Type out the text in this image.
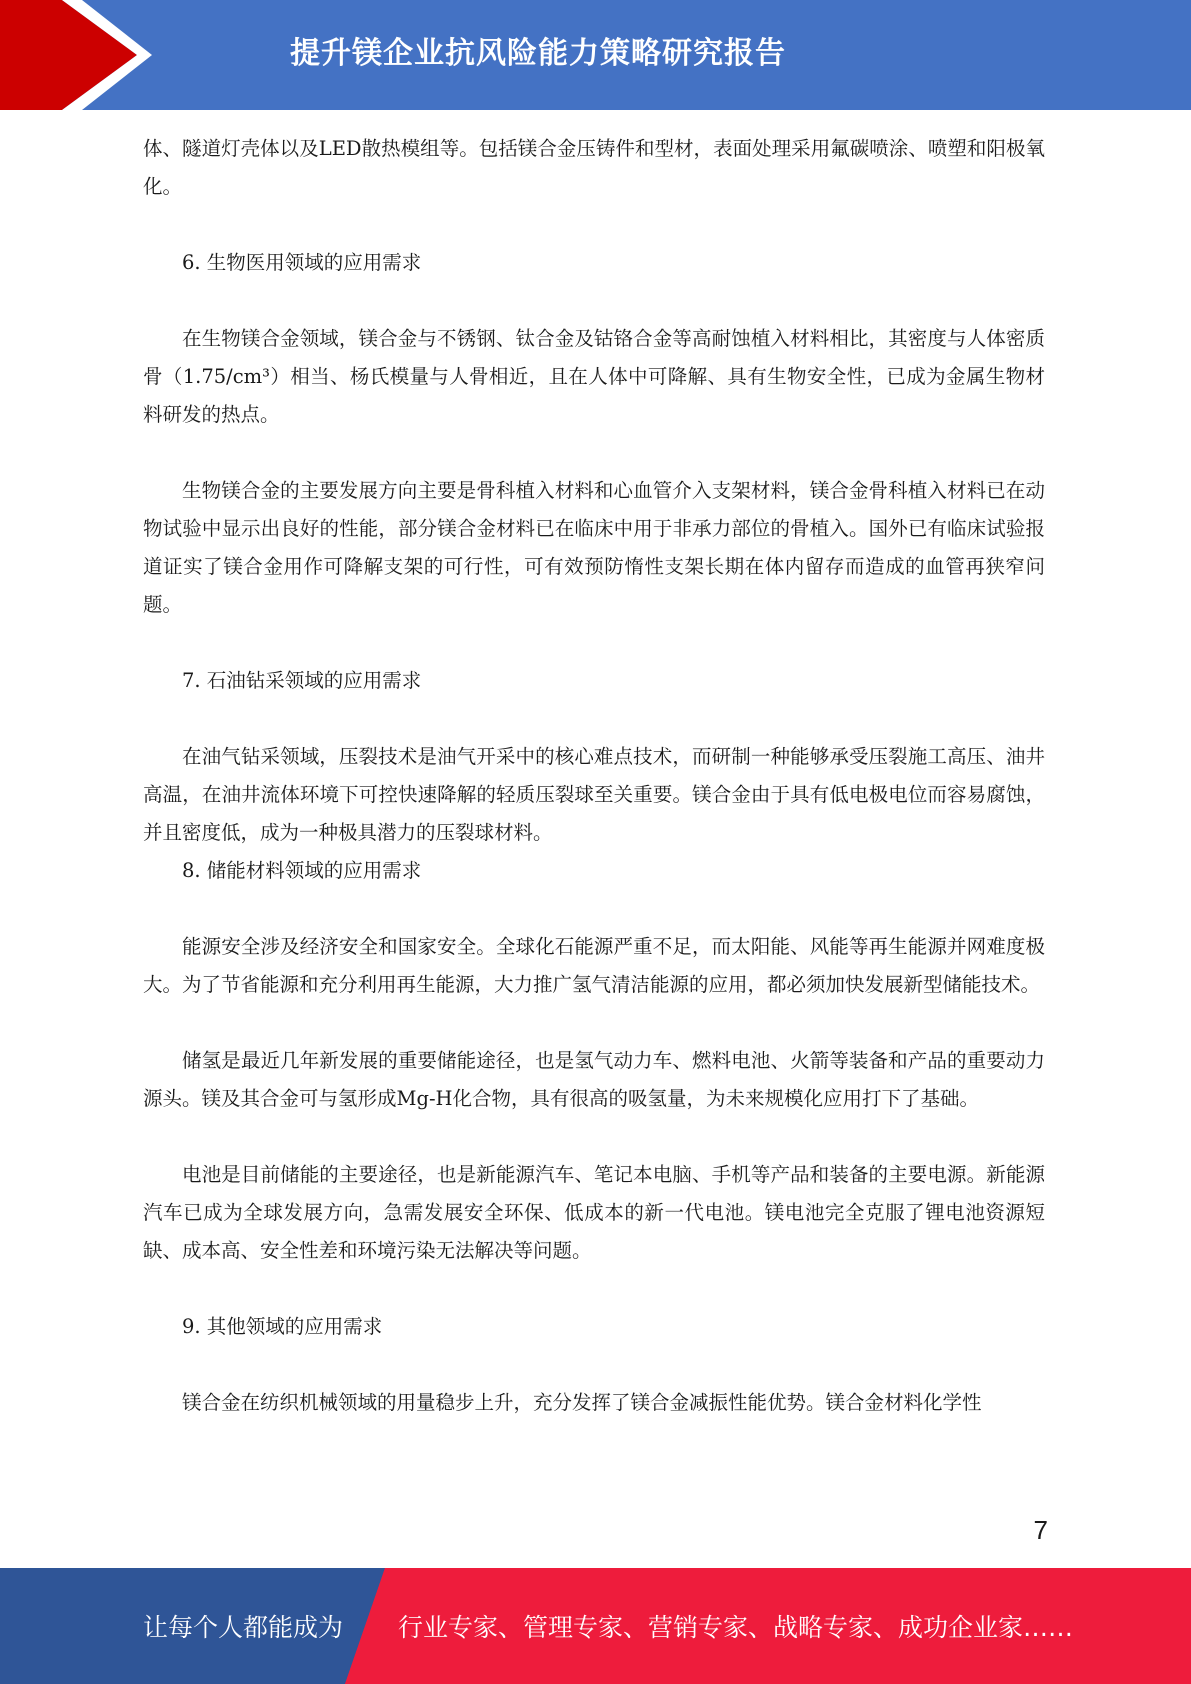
提升镁企业抗风险能力策略研究报告

体、隧道灯壳体以及LED散热模组等。包括镁合金压铸件和型材，表面处理采用氟碳喷涂、喷塑和阳极氧化。

6. 生物医用领域的应用需求

在生物镁合金领域，镁合金与不锈钢、钛合金及钴铬合金等高耐蚀植入材料相比，其密度与人体密质骨（1.75/cm³）相当、杨氏模量与人骨相近，且在人体中可降解、具有生物安全性，已成为金属生物材料研发的热点。

生物镁合金的主要发展方向主要是骨科植入材料和心血管介入支架材料，镁合金骨科植入材料已在动物试验中显示出良好的性能，部分镁合金材料已在临床中用于非承力部位的骨植入。国外已有临床试验报道证实了镁合金用作可降解支架的可行性，可有效预防惰性支架长期在体内留存而造成的血管再狭窄问题。

7. 石油钻采领域的应用需求

在油气钻采领域，压裂技术是油气开采中的核心难点技术，而研制一种能够承受压裂施工高压、油井高温，在油井流体环境下可控快速降解的轻质压裂球至关重要。镁合金由于具有低电极电位而容易腐蚀，并且密度低，成为一种极具潜力的压裂球材料。

8. 储能材料领域的应用需求

能源安全涉及经济安全和国家安全。全球化石能源严重不足，而太阳能、风能等再生能源并网难度极大。为了节省能源和充分利用再生能源，大力推广氢气清洁能源的应用，都必须加快发展新型储能技术。

储氢是最近几年新发展的重要储能途径，也是氢气动力车、燃料电池、火箭等装备和产品的重要动力源头。镁及其合金可与氢形成Mg-H化合物，具有很高的吸氢量，为未来规模化应用打下了基础。

电池是目前储能的主要途径，也是新能源汽车、笔记本电脑、手机等产品和装备的主要电源。新能源汽车已成为全球发展方向，急需发展安全环保、低成本的新一代电池。镁电池完全克服了锂电池资源短缺、成本高、安全性差和环境污染无法解决等问题。

9. 其他领域的应用需求

镁合金在纺织机械领域的用量稳步上升，充分发挥了镁合金减振性能优势。镁合金材料化学性

7
让每个人都能成为 行业专家、管理专家、营销专家、战略专家、成功企业家……
